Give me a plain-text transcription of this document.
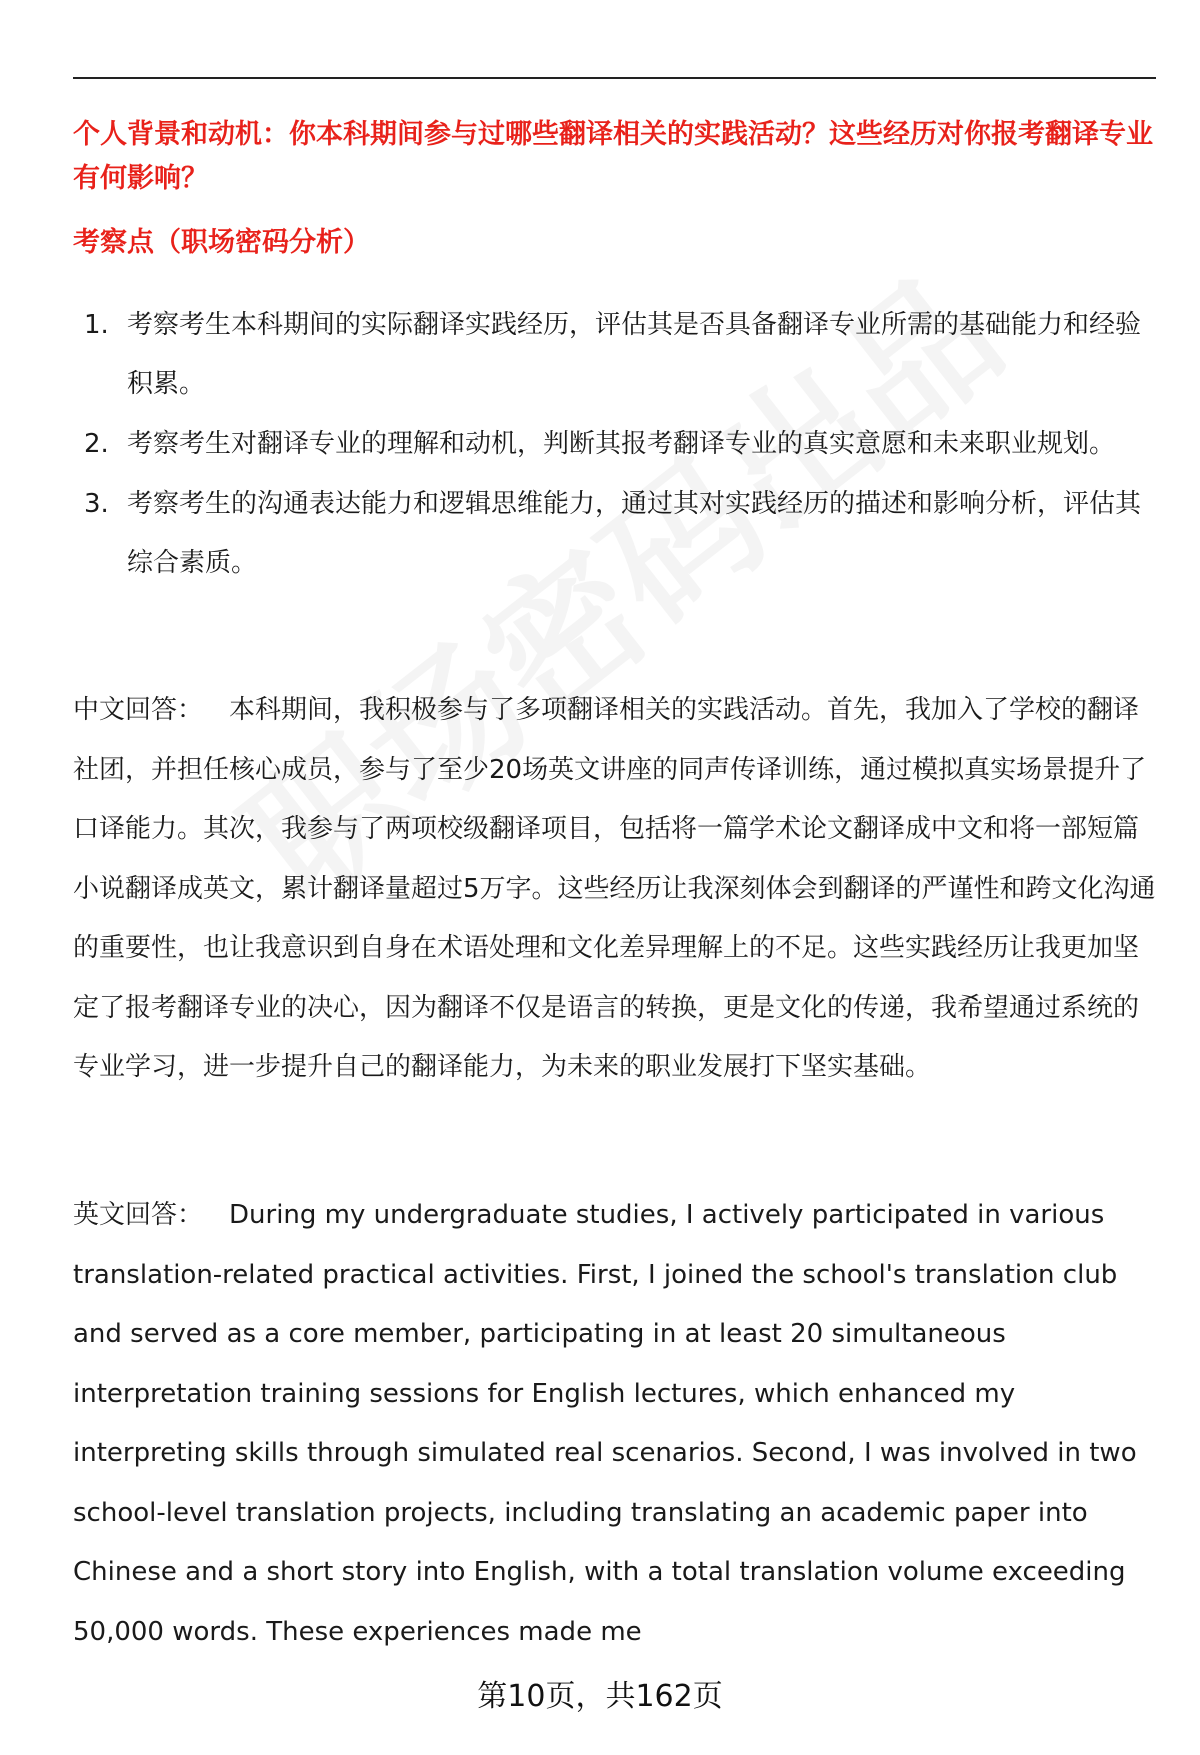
个人背景和动机：你本科期间参与过哪些翻译相关的实践活动？这些经历对你报考翻译专业有何影响？

考察点（职场密码分析）

1. 考察考生本科期间的实际翻译实践经历，评估其是否具备翻译专业所需的基础能力和经验积累。
2. 考察考生对翻译专业的理解和动机，判断其报考翻译专业的真实意愿和未来职业规划。
3. 考察考生的沟通表达能力和逻辑思维能力，通过其对实践经历的描述和影响分析，评估其综合素质。

中文回答： 本科期间，我积极参与了多项翻译相关的实践活动。首先，我加入了学校的翻译社团，并担任核心成员，参与了至少20场英文讲座的同声传译训练，通过模拟真实场景提升了口译能力。其次，我参与了两项校级翻译项目，包括将一篇学术论文翻译成中文和将一部短篇小说翻译成英文，累计翻译量超过5万字。这些经历让我深刻体会到翻译的严谨性和跨文化沟通的重要性，也让我意识到自身在术语处理和文化差异理解上的不足。这些实践经历让我更加坚定了报考翻译专业的决心，因为翻译不仅是语言的转换，更是文化的传递，我希望通过系统的专业学习，进一步提升自己的翻译能力，为未来的职业发展打下坚实基础。

英文回答： During my undergraduate studies, I actively participated in various translation-related practical activities. First, I joined the school's translation club and served as a core member, participating in at least 20 simultaneous interpretation training sessions for English lectures, which enhanced my interpreting skills through simulated real scenarios. Second, I was involved in two school-level translation projects, including translating an academic paper into Chinese and a short story into English, with a total translation volume exceeding 50,000 words. These experiences made me

第10页，共162页
